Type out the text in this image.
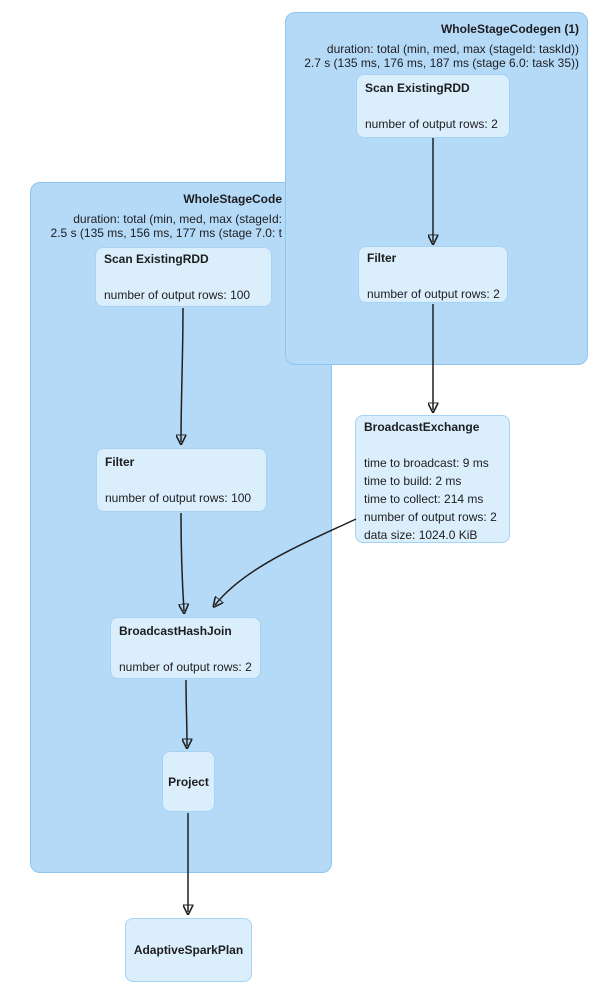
WholeStageCode
duration: total (min, med, max (stageId:
2.5 s (135 ms, 156 ms, 177 ms (stage 7.0: t
WholeStageCodegen (1)
duration: total (min, med, max (stageId: taskId))
2.7 s (135 ms, 176 ms, 187 ms (stage 6.0: task 35))
Scan ExistingRDD
number of output rows: 2
Filter
number of output rows: 2
BroadcastExchange
time to broadcast: 9 ms
time to build: 2 ms
time to collect: 214 ms
number of output rows: 2
data size: 1024.0 KiB
Scan ExistingRDD
number of output rows: 100
Filter
number of output rows: 100
BroadcastHashJoin
number of output rows: 2
Project
AdaptiveSparkPlan
